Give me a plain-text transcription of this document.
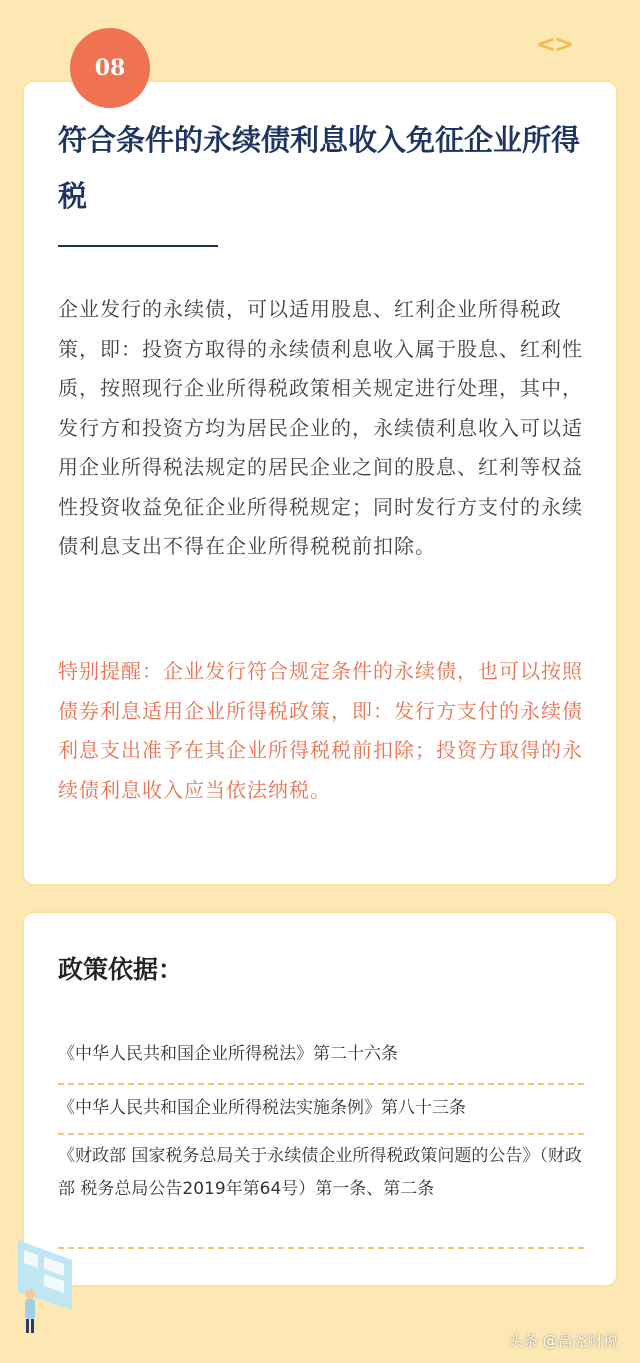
08
<>
符合条件的永续债利息收入免征企业所得税

企业发行的永续债，可以适用股息、红利企业所得税政策，即：投资方取得的永续债利息收入属于股息、红利性质，按照现行企业所得税政策相关规定进行处理，其中，发行方和投资方均为居民企业的，永续债利息收入可以适用企业所得税法规定的居民企业之间的股息、红利等权益性投资收益免征企业所得税规定；同时发行方支付的永续债利息支出不得在企业所得税税前扣除。

特别提醒：企业发行符合规定条件的永续债，也可以按照债券利息适用企业所得税政策，即：发行方支付的永续债利息支出准予在其企业所得税税前扣除；投资方取得的永续债利息收入应当依法纳税。

政策依据：

《中华人民共和国企业所得税法》第二十六条

《中华人民共和国企业所得税法实施条例》第八十三条

《财政部 国家税务总局关于永续债企业所得税政策问题的公告》（财政部 税务总局公告2019年第64号）第一条、第二条

头条 @昌尧财税
